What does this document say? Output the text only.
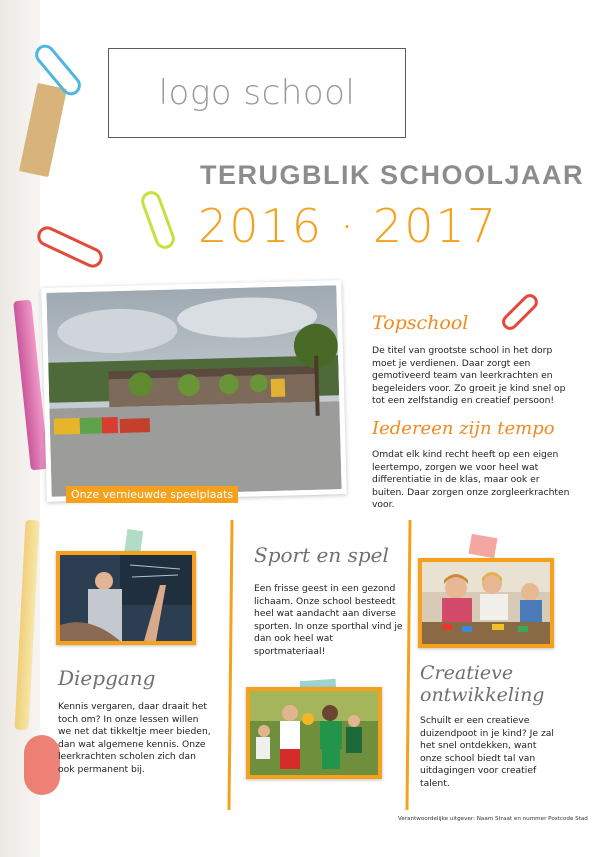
logo school
TERUGBLIK SCHOOLJAAR
2016 · 2017
Onze vernieuwde speelplaats
Topschool
De titel van grootste school in het dorp moet je verdienen. Daar zorgt een gemotiveerd team van leerkrachten en begeleiders voor. Zo groeit je kind snel op tot een zelfstandig en creatief persoon!
Iedereen zijn tempo
Omdat elk kind recht heeft op een eigen leertempo, zorgen we voor heel wat differentiatie in de klas, maar ook er buiten. Daar zorgen onze zorgleerkrachten voor.
Diepgang
Kennis vergaren, daar draait het toch om? In onze lessen willen we net dat tikkeltje meer bieden, dan wat algemene kennis. Onze leerkrachten scholen zich dan ook permanent bij.
Sport en spel
Een frisse geest in een gezond lichaam. Onze school besteedt heel wat aandacht aan diverse sporten. In onze sporthal vind je dan ook heel wat sportmateriaal!
Creatieve
ontwikkeling
Schuilt er een creatieve duizendpoot in je kind? Je zal het snel ontdekken, want onze school biedt tal van uitdagingen voor creatief talent.
Verantwoordelijke uitgever: Naam Straat en nummer Postcode Stad
